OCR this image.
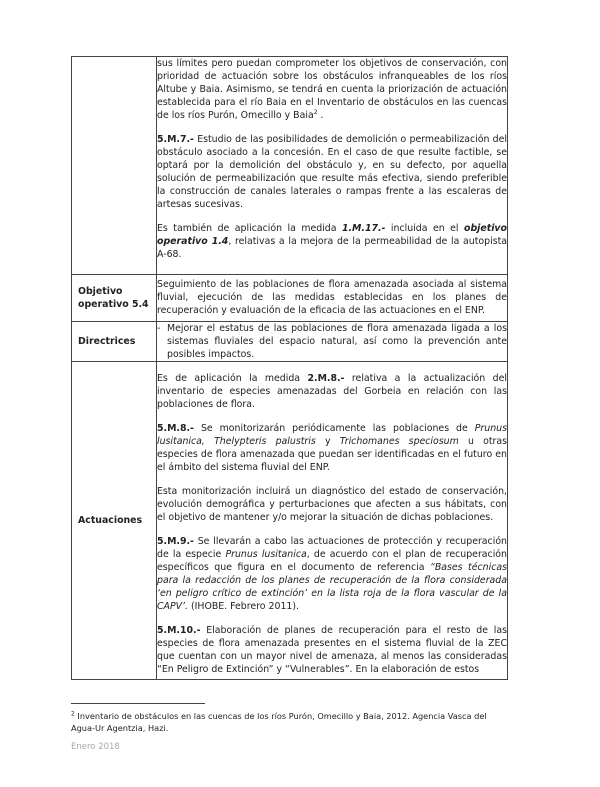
	sus límites pero puedan comprometer los objetivos de conservación, con prioridad de actuación sobre los obstáculos infranqueables de los ríos Altube y Baia. Asimismo, se tendrá en cuenta la priorización de actuación establecida para el río Baia en el Inventario de obstáculos en las cuencas de los ríos Purón, Omecillo y Baia$^2$ .

5.M.7.- Estudio de las posibilidades de demolición o permeabilización del obstáculo asociado a la concesión. En el caso de que resulte factible, se optará por la demolición del obstáculo y, en su defecto, por aquella solución de permeabilización que resulte más efectiva, siendo preferible la construcción de canales laterales o rampas frente a las escaleras de artesas sucesivas.

Es también de aplicación la medida 1.M.17.- incluida en el objetivo operativo 1.4, relativas a la mejora de la permeabilidad de la autopista A-68.

Objetivo operativo 5.4	Seguimiento de las poblaciones de flora amenazada asociada al sistema fluvial, ejecución de las medidas establecidas en los planes de recuperación y evaluación de la eficacia de las actuaciones en el ENP.

Directrices	- Mejorar el estatus de las poblaciones de flora amenazada ligada a los sistemas fluviales del espacio natural, así como la prevención ante posibles impactos.

Actuaciones	Es de aplicación la medida 2.M.8.- relativa a la actualización del inventario de especies amenazadas del Gorbeia en relación con las poblaciones de flora.

5.M.8.- Se monitorizarán periódicamente las poblaciones de Prunus lusitanica, Thelypteris palustris y Trichomanes speciosum u otras especies de flora amenazada que puedan ser identificadas en el futuro en el ámbito del sistema fluvial del ENP.

Esta monitorización incluirá un diagnóstico del estado de conservación, evolución demográfica y perturbaciones que afecten a sus hábitats, con el objetivo de mantener y/o mejorar la situación de dichas poblaciones.

5.M.9.- Se llevarán a cabo las actuaciones de protección y recuperación de la especie Prunus lusitanica, de acuerdo con el plan de recuperación específicos que figura en el documento de referencia “Bases técnicas para la redacción de los planes de recuperación de la flora considerada ‘en peligro crítico de extinción’ en la lista roja de la flora vascular de la CAPV’. (IHOBE. Febrero 2011).

5.M.10.- Elaboración de planes de recuperación para el resto de las especies de flora amenazada presentes en el sistema fluvial de la ZEC que cuentan con un mayor nivel de amenaza, al menos las consideradas “En Peligro de Extinción” y “Vulnerables”. En la elaboración de estos

$^2$ Inventario de obstáculos en las cuencas de los ríos Purón, Omecillo y Baia, 2012. Agencia Vasca del Agua-Ur Agentzia, Hazi.
Enero 2018
